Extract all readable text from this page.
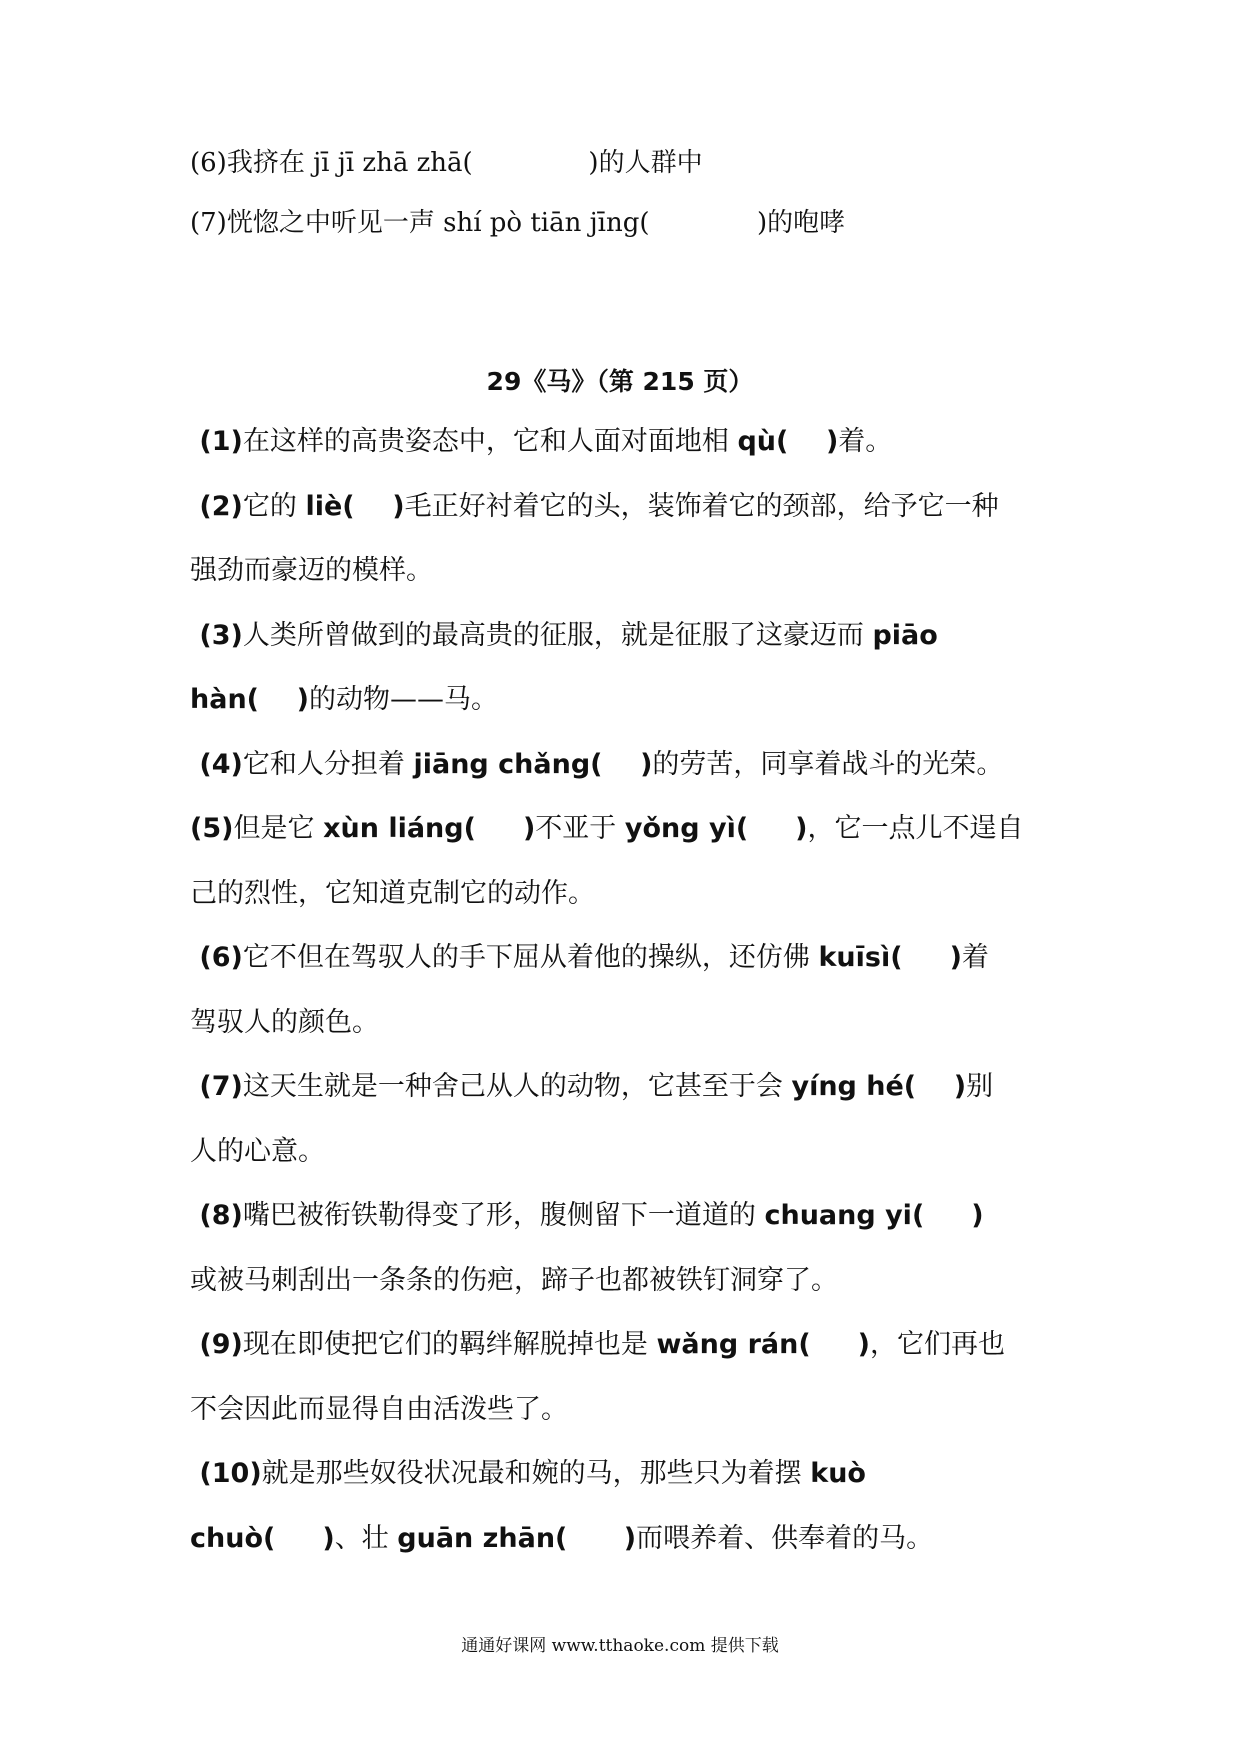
(6)我挤在 jī jī zhā zhā(	)的人群中
(7)恍惚之中听见一声 shí pò tiān jīng(	)的咆哮
29《马》（第 215 页）
(1)在这样的高贵姿态中，它和人面对面地相 qù(    )着。
(2)它的 liè(    )毛正好衬着它的头，装饰着它的颈部，给予它一种
强劲而豪迈的模样。
(3)人类所曾做到的最高贵的征服，就是征服了这豪迈而 piāo
hàn(    )的动物——马。
(4)它和人分担着 jiāng chǎng(    )的劳苦，同享着战斗的光荣。
(5)但是它 xùn liáng(     )不亚于 yǒng yì(     )，它一点儿不逞自
己的烈性，它知道克制它的动作。
(6)它不但在驾驭人的手下屈从着他的操纵，还仿佛 kuīsì(     )着
驾驭人的颜色。
(7)这天生就是一种舍己从人的动物，它甚至于会 yíng hé(    )别
人的心意。
(8)嘴巴被衔铁勒得变了形，腹侧留下一道道的 chuang yi(     )
或被马刺刮出一条条的伤疤，蹄子也都被铁钉洞穿了。
(9)现在即使把它们的羁绊解脱掉也是 wǎng rán(     )，它们再也
不会因此而显得自由活泼些了。
(10)就是那些奴役状况最和婉的马，那些只为着摆 kuò
chuò(     )、壮 guān zhān(      )而喂养着、供奉着的马。
通通好课网 www.tthaoke.com 提供下载
